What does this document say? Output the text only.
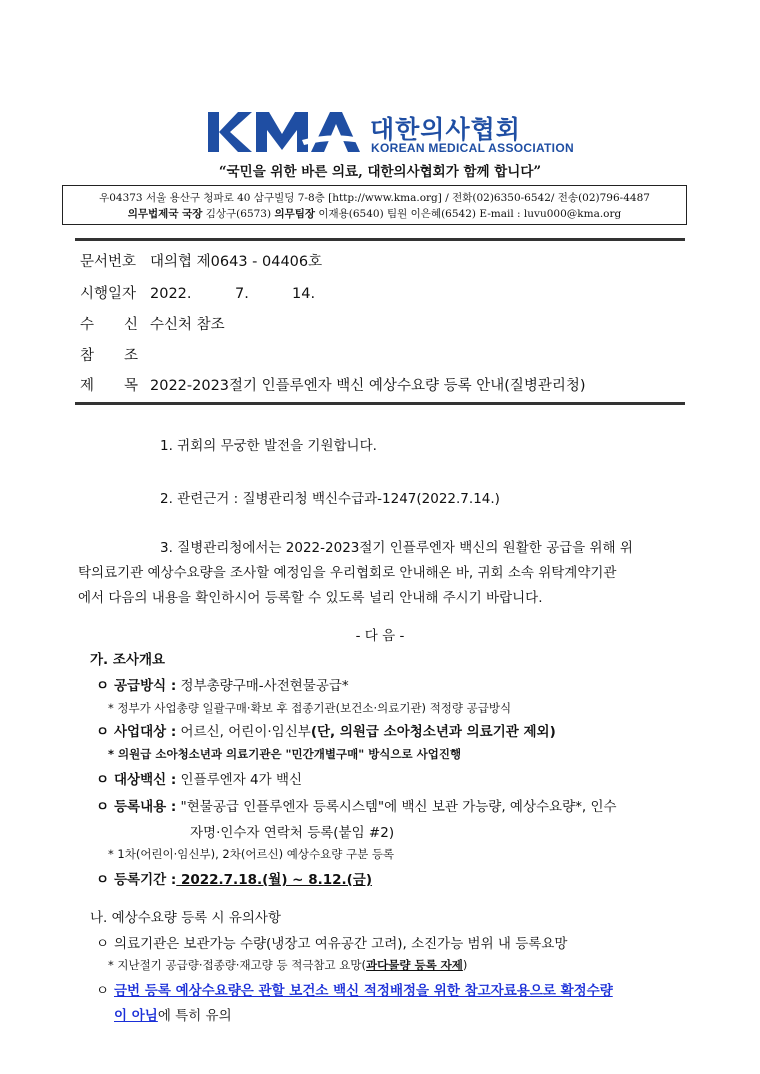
대한의사협회
KOREAN MEDICAL ASSOCIATION
“국민을 위한 바른 의료, 대한의사협회가 함께 합니다”
우04373 서울 용산구 청파로 40 삼구빌딩 7-8층 [http://www.kma.org] / 전화(02)6350-6542/ 전송(02)796-4487
의무법제국 국장 김상구(6573) 의무팀장 이재용(6540) 팀원 이은혜(6542) E-mail : luvu000@kma.org
문서번호 대의협 제0643 - 04406호
시행일자 2022.	7.	14.
수 신 수신처 참조
참 조
제 목 2022-2023절기 인플루엔자 백신 예상수요량 등록 안내(질병관리청)
1. 귀회의 무궁한 발전을 기원합니다.
2. 관련근거 : 질병관리청 백신수급과-1247(2022.7.14.)
3. 질병관리청에서는 2022-2023절기 인플루엔자 백신의 원활한 공급을 위해 위
탁의료기관 예상수요량을 조사할 예정임을 우리협회로 안내해온 바, 귀회 소속 위탁계약기관
에서 다음의 내용을 확인하시어 등록할 수 있도록 널리 안내해 주시기 바랍니다.
- 다 음 -
가. 조사개요
ㅇ 공급방식 : 정부총량구매-사전현물공급*
* 정부가 사업총량 일괄구매·확보 후 접종기관(보건소·의료기관) 적정량 공급방식
ㅇ 사업대상 : 어르신, 어린이·임신부(단, 의원급 소아청소년과 의료기관 제외)
* 의원급 소아청소년과 의료기관은 "민간개별구매" 방식으로 사업진행
ㅇ 대상백신 : 인플루엔자 4가 백신
ㅇ 등록내용 : "현물공급 인플루엔자 등록시스템"에 백신 보관 가능량, 예상수요량*, 인수
자명·인수자 연락처 등록(붙임 #2)
* 1차(어린이·임신부), 2차(어르신) 예상수요량 구분 등록
ㅇ 등록기간 : 2022.7.18.(월) ~ 8.12.(금)
나. 예상수요량 등록 시 유의사항
ㅇ 의료기관은 보관가능 수량(냉장고 여유공간 고려), 소진가능 범위 내 등록요망
* 지난절기 공급량·접종량·재고량 등 적극참고 요망(과다물량 등록 자제)
ㅇ 금번 등록 예상수요량은 관할 보건소 백신 적정배정을 위한 참고자료용으로 확정수량
이 아님에 특히 유의
